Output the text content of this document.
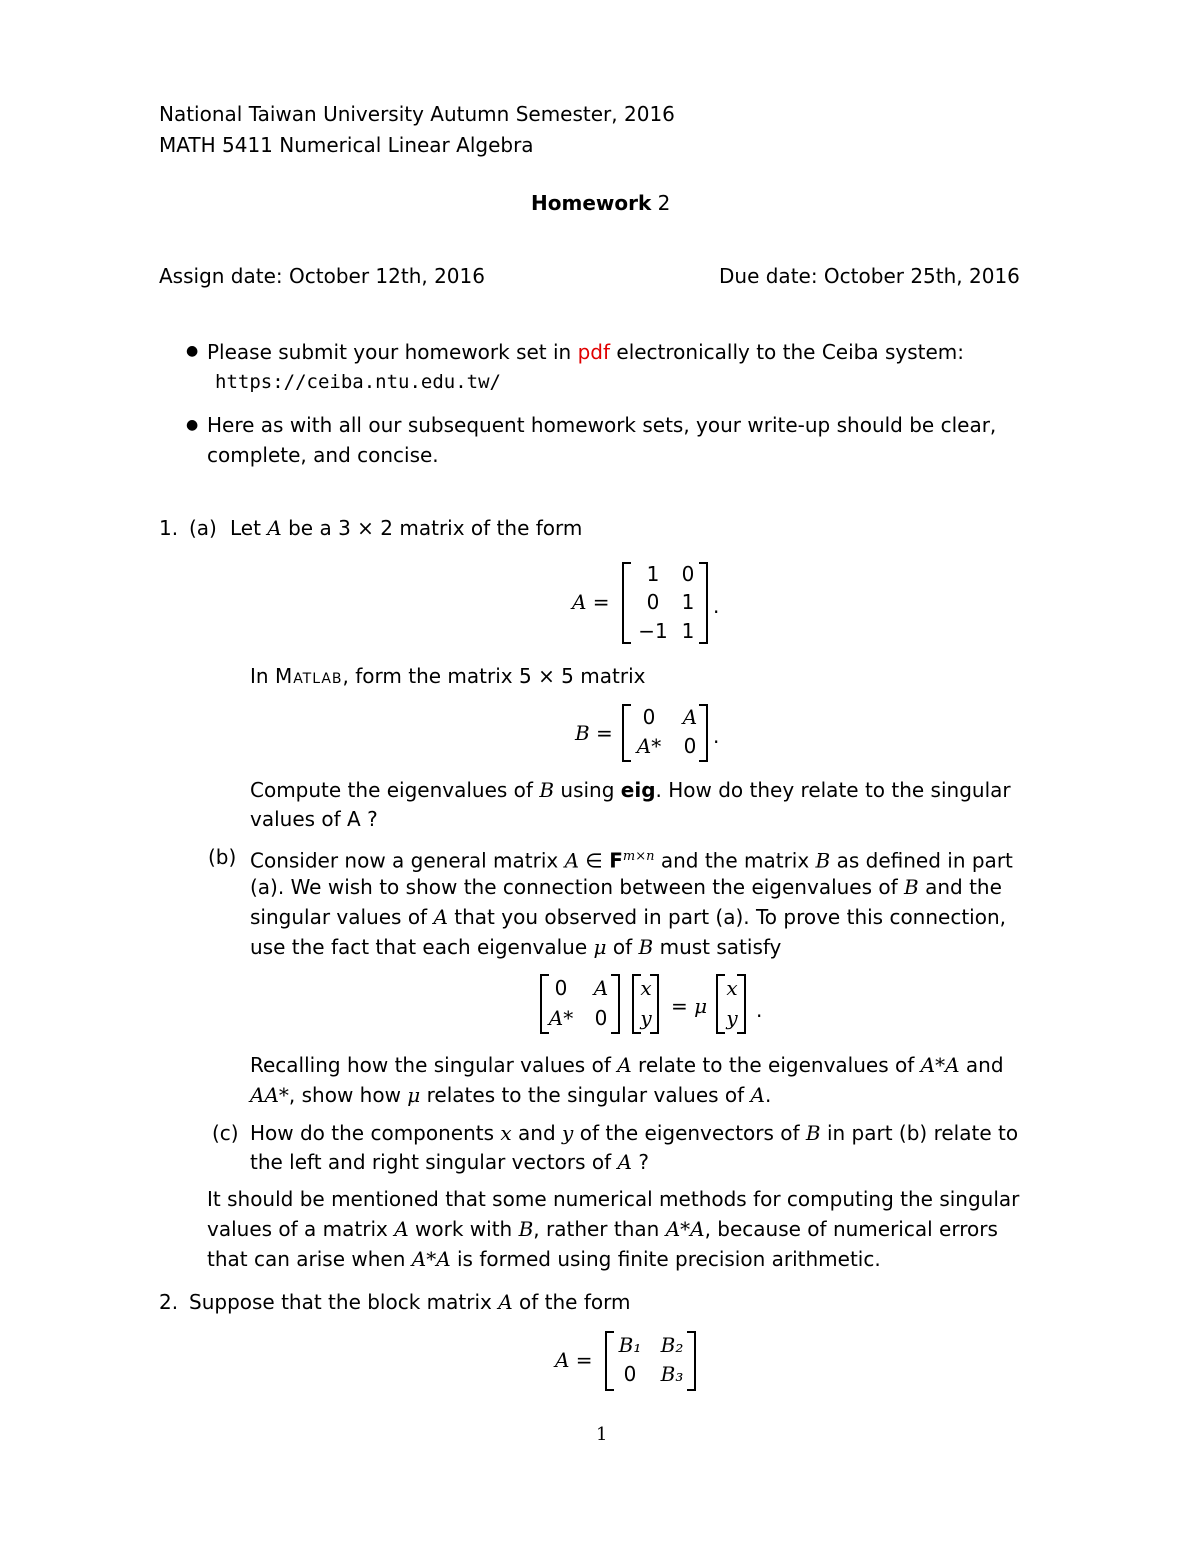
National Taiwan University Autumn Semester, 2016
MATH 5411 Numerical Linear Algebra
Homework 2
Assign date: October 12th, 2016	Due date: October 25th, 2016
● Please submit your homework set in pdf electronically to the Ceiba system:
https://ceiba.ntu.edu.tw/
● Here as with all our subsequent homework sets, your write-up should be clear,
complete, and concise.
1. (a) Let A be a 3 × 2 matrix of the form
A =
1	0
0	1
−1 1
.
In Matlab, form the matrix 5 × 5 matrix
B =
0	A
A*	0 .
Compute the eigenvalues of B using eig. How do they relate to the singular
values of A ?
(b) Consider now a general matrix A ∈ $F^{m\times n}$ and the matrix B as defined in part
(a). We wish to show the connection between the eigenvalues of B and the
singular values of A that you observed in part (a). To prove this connection,
use the fact that each eigenvalue μ of B must satisfy
0 A
A* 0
x
y = μ
x
y .
Recalling how the singular values of A relate to the eigenvalues of A*A and
AA*, show how μ relates to the singular values of A.
(c) How do the components x and y of the eigenvectors of B in part (b) relate to
the left and right singular vectors of A ?
It should be mentioned that some numerical methods for computing the singular
values of a matrix A work with B, rather than A*A, because of numerical errors
that can arise when A*A is formed using finite precision arithmetic.
2. Suppose that the block matrix A of the form
A =
B₁ B₂
0	B₃
1
